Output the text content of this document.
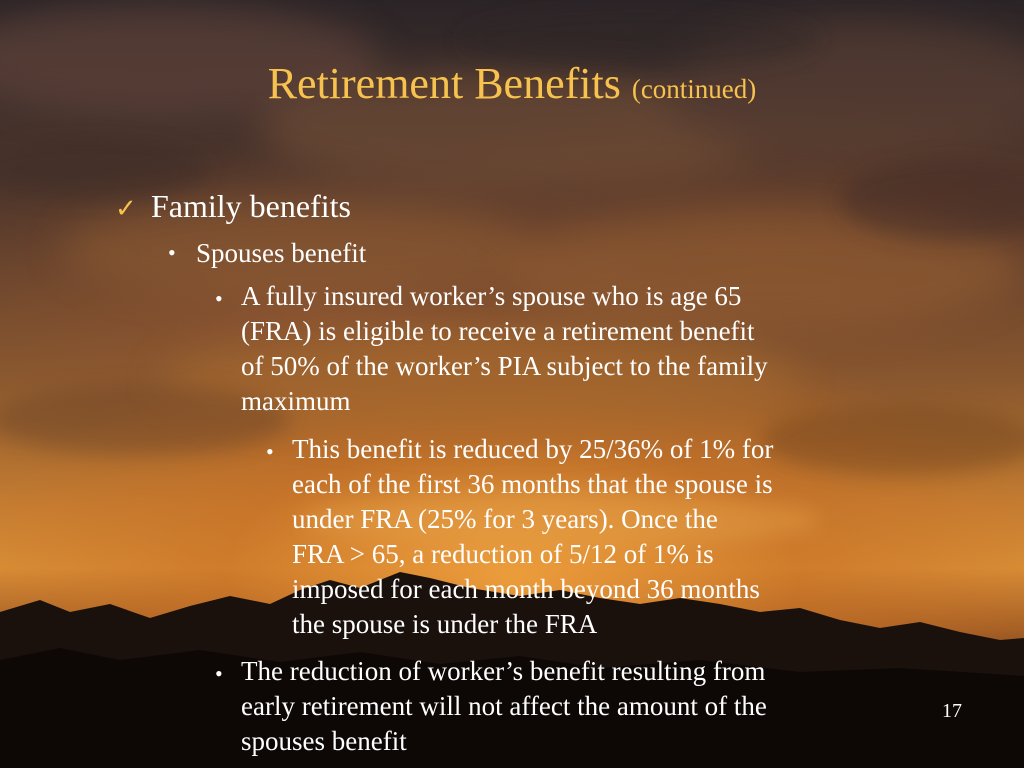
Retirement Benefits (continued)
✓ Family benefits
• Spouses benefit
• A fully insured worker’s spouse who is age 65
(FRA) is eligible to receive a retirement benefit
of 50% of the worker’s PIA subject to the family
maximum
• This benefit is reduced by 25/36% of 1% for
each of the first 36 months that the spouse is
under FRA (25% for 3 years). Once the
FRA > 65, a reduction of 5/12 of 1% is
imposed for each month beyond 36 months
the spouse is under the FRA
• The reduction of worker’s benefit resulting from
early retirement will not affect the amount of the
spouses benefit
17
